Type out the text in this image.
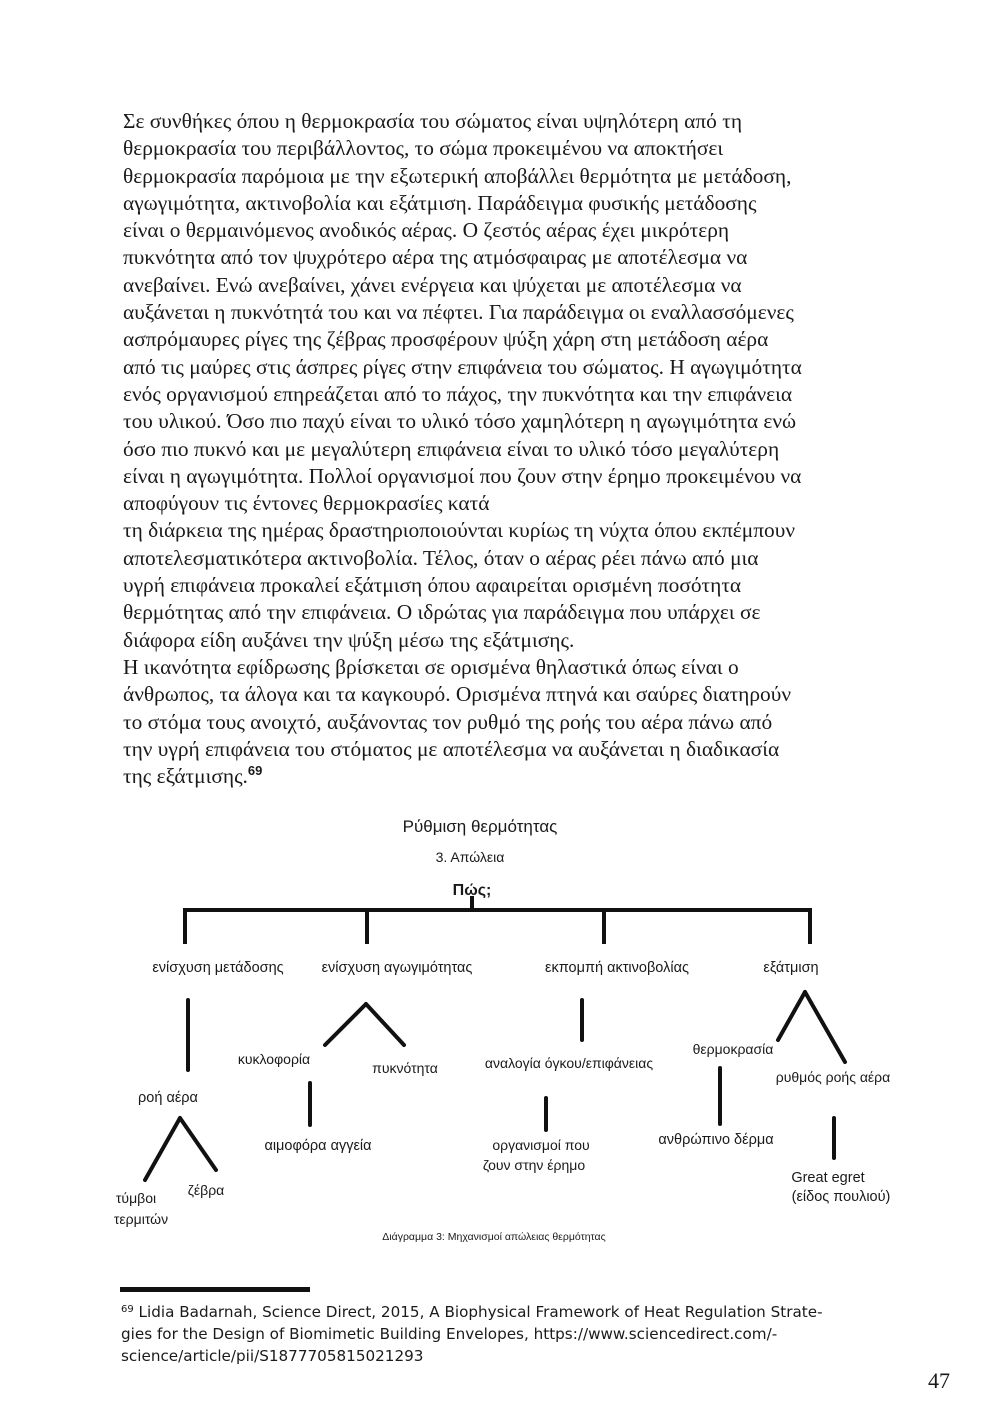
Σε συνθήκες όπου η θερμοκρασία του σώματος είναι υψηλότερη από τη
θερμοκρασία του περιβάλλοντος, το σώμα προκειμένου να αποκτήσει
θερμοκρασία παρόμοια με την εξωτερική αποβάλλει θερμότητα με μετάδοση,
αγωγιμότητα, ακτινοβολία και εξάτμιση. Παράδειγμα φυσικής μετάδοσης
είναι ο θερμαινόμενος ανοδικός αέρας. Ο ζεστός αέρας έχει μικρότερη
πυκνότητα από τον ψυχρότερο αέρα της ατμόσφαιρας με αποτέλεσμα να
ανεβαίνει. Ενώ ανεβαίνει, χάνει ενέργεια και ψύχεται με αποτέλεσμα να
αυξάνεται η πυκνότητά του και να πέφτει. Για παράδειγμα οι εναλλασσόμενες
ασπρόμαυρες ρίγες της ζέβρας προσφέρουν ψύξη χάρη στη μετάδοση αέρα
από τις μαύρες στις άσπρες ρίγες στην επιφάνεια του σώματος. Η αγωγιμότητα
ενός οργανισμού επηρεάζεται από το πάχος, την πυκνότητα και την επιφάνεια
του υλικού. Όσο πιο παχύ είναι το υλικό τόσο χαμηλότερη η αγωγιμότητα ενώ
όσο πιο πυκνό και με μεγαλύτερη επιφάνεια είναι το υλικό τόσο μεγαλύτερη
είναι η αγωγιμότητα. Πολλοί οργανισμοί που ζουν στην έρημο προκειμένου να
αποφύγουν τις έντονες θερμοκρασίες κατά
τη διάρκεια της ημέρας δραστηριοποιούνται κυρίως τη νύχτα όπου εκπέμπουν
αποτελεσματικότερα ακτινοβολία. Τέλος, όταν ο αέρας ρέει πάνω από μια
υγρή επιφάνεια προκαλεί εξάτμιση όπου αφαιρείται ορισμένη ποσότητα
θερμότητας από την επιφάνεια. Ο ιδρώτας για παράδειγμα που υπάρχει σε
διάφορα είδη αυξάνει την ψύξη μέσω της εξάτμισης.
Η ικανότητα εφίδρωσης βρίσκεται σε ορισμένα θηλαστικά όπως είναι ο
άνθρωπος, τα άλογα και τα καγκουρό. Ορισμένα πτηνά και σαύρες διατηρούν
το στόμα τους ανοιχτό, αυξάνοντας τον ρυθμό της ροής του αέρα πάνω από
την υγρή επιφάνεια του στόματος με αποτέλεσμα να αυξάνεται η διαδικασία
της εξάτμισης.$^{69}$
Ρύθμιση θερμότητας
3. Απώλεια
Πώς;
ενίσχυση μετάδοσης	ενίσχυση αγωγιμότητας	εκπομπή ακτινοβολίας	εξάτμιση
ροή αέρα
τύμβοι
τερμιτών
ζέβρα
κυκλοφορία
πυκνότητα
αιμοφόρα αγγεία
αναλογία όγκου/επιφάνειας
οργανισμοί που
ζουν στην έρημο
θερμοκρασία
ρυθμός ροής αέρα
ανθρώπινο δέρμα
Great egret
(είδος πουλιού)
Διάγραμμα 3: Μηχανισμοί απώλειας θερμότητας
$^{69}$ Lidia Badarnah, Science Direct, 2015, A Biophysical Framework of Heat Regulation Strate-
gies for the Design of Biomimetic Building Envelopes, https://www.sciencedirect.com/-
science/article/pii/S1877705815021293
47
